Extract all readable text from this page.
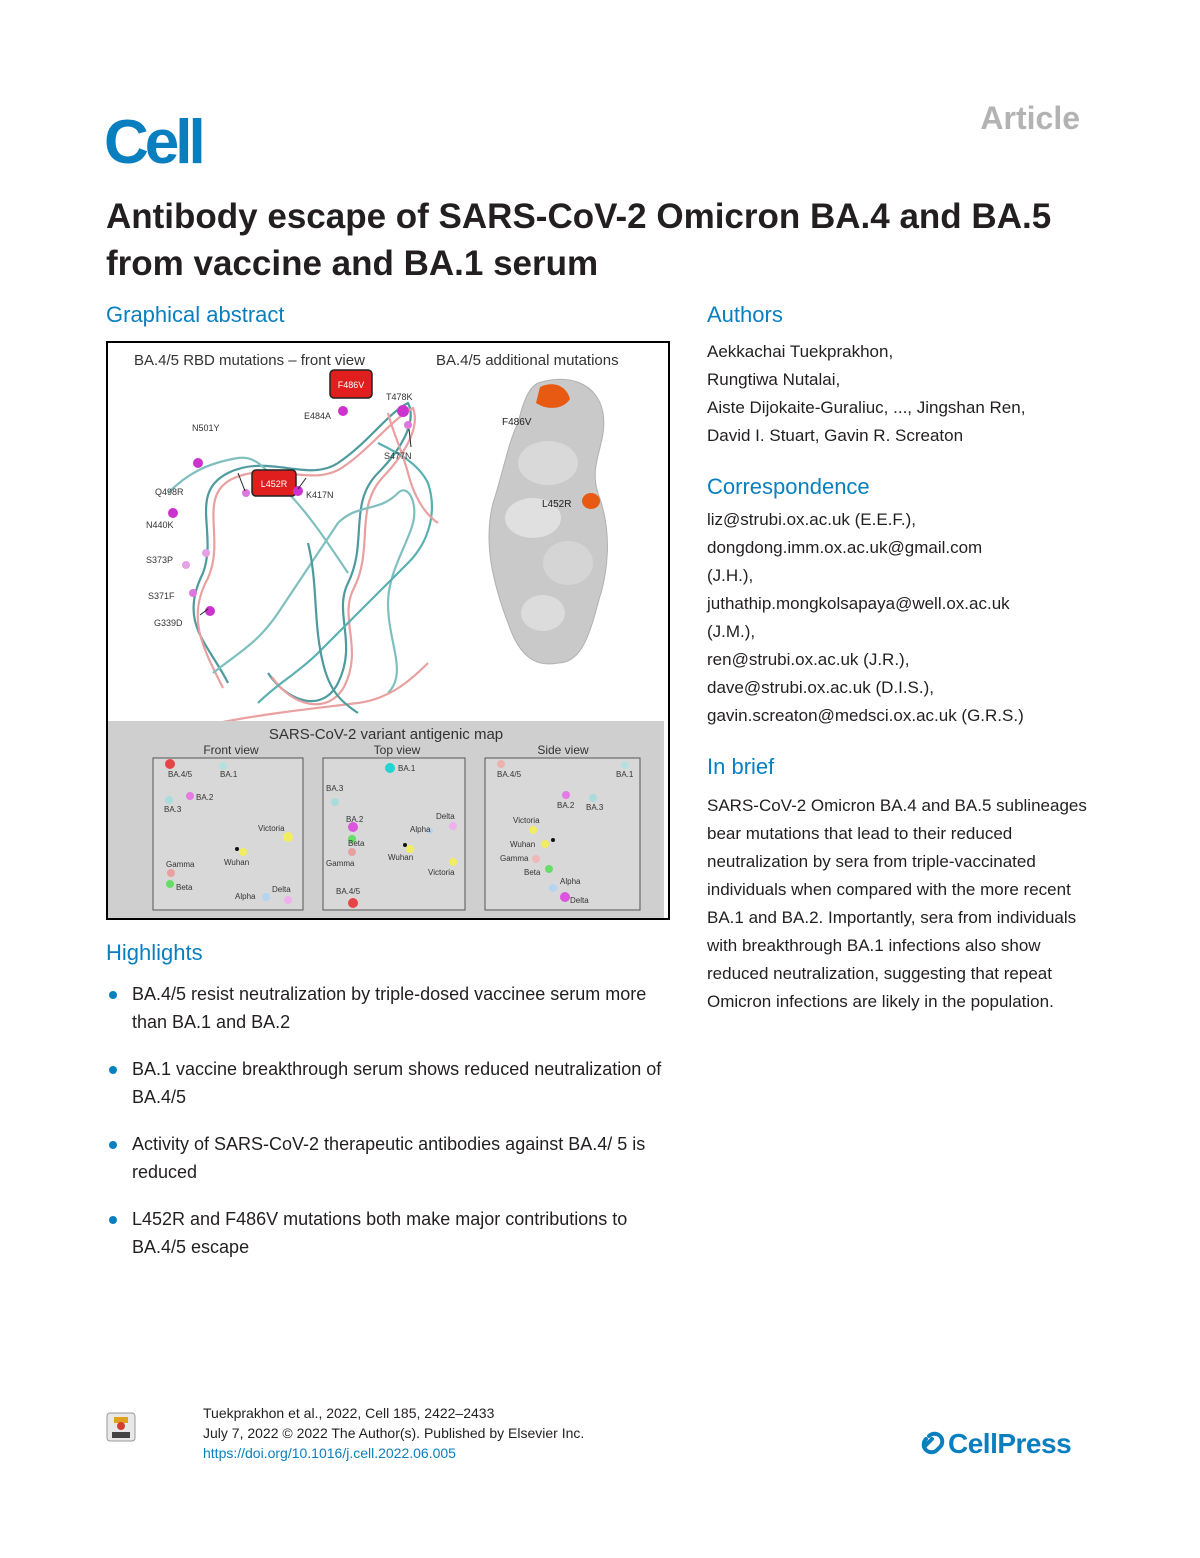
Cell	Article
Antibody escape of SARS-CoV-2 Omicron BA.4 and BA.5 from vaccine and BA.1 serum
Graphical abstract
BA.4/5 RBD mutations – front view	BA.4/5 additional mutations
F486V
L452R
T478K
E484A
S477N
N501Y
K417N
Q498R
N440K
S373P
S371F
G339D
F486V
L452R
SARS-CoV-2 variant antigenic map
Front view	Top view	Side view
BA.4/5	BA.1
BA.2
BA.3
Victoria
Wuhan
Gamma
Beta
Alpha
Delta
BA.1
BA.3
BA.2	Delta
Alpha
Beta
Gamma
Wuhan
Victoria
BA.4/5
BA.4/5	BA.1
BA.2 BA.3
Victoria
Wuhan
Gamma
Beta
Alpha
Delta
Highlights
BA.4/5 resist neutralization by triple-dosed vaccinee serum more than BA.1 and BA.2
BA.1 vaccine breakthrough serum shows reduced neutralization of BA.4/5
Activity of SARS-CoV-2 therapeutic antibodies against BA.4/ 5 is reduced
L452R and F486V mutations both make major contributions to BA.4/5 escape
Authors
Aekkachai Tuekprakhon,
Rungtiwa Nutalai,
Aiste Dijokaite-Guraliuc, ..., Jingshan Ren,
David I. Stuart, Gavin R. Screaton
Correspondence
liz@strubi.ox.ac.uk (E.E.F.),
dongdong.imm.ox.ac.uk@gmail.com
(J.H.),
juthathip.mongkolsapaya@well.ox.ac.uk
(J.M.),
ren@strubi.ox.ac.uk (J.R.),
dave@strubi.ox.ac.uk (D.I.S.),
gavin.screaton@medsci.ox.ac.uk (G.R.S.)
In brief

SARS-CoV-2 Omicron BA.4 and BA.5 sublineages bear mutations that lead to their reduced neutralization by sera from triple-vaccinated individuals when compared with the more recent BA.1 and BA.2. Importantly, sera from individuals with breakthrough BA.1 infections also show reduced neutralization, suggesting that repeat Omicron infections are likely in the population.

Tuekprakhon et al., 2022, Cell 185, 2422–2433
July 7, 2022 © 2022 The Author(s). Published by Elsevier Inc.
https://doi.org/10.1016/j.cell.2022.06.005	CellPress
